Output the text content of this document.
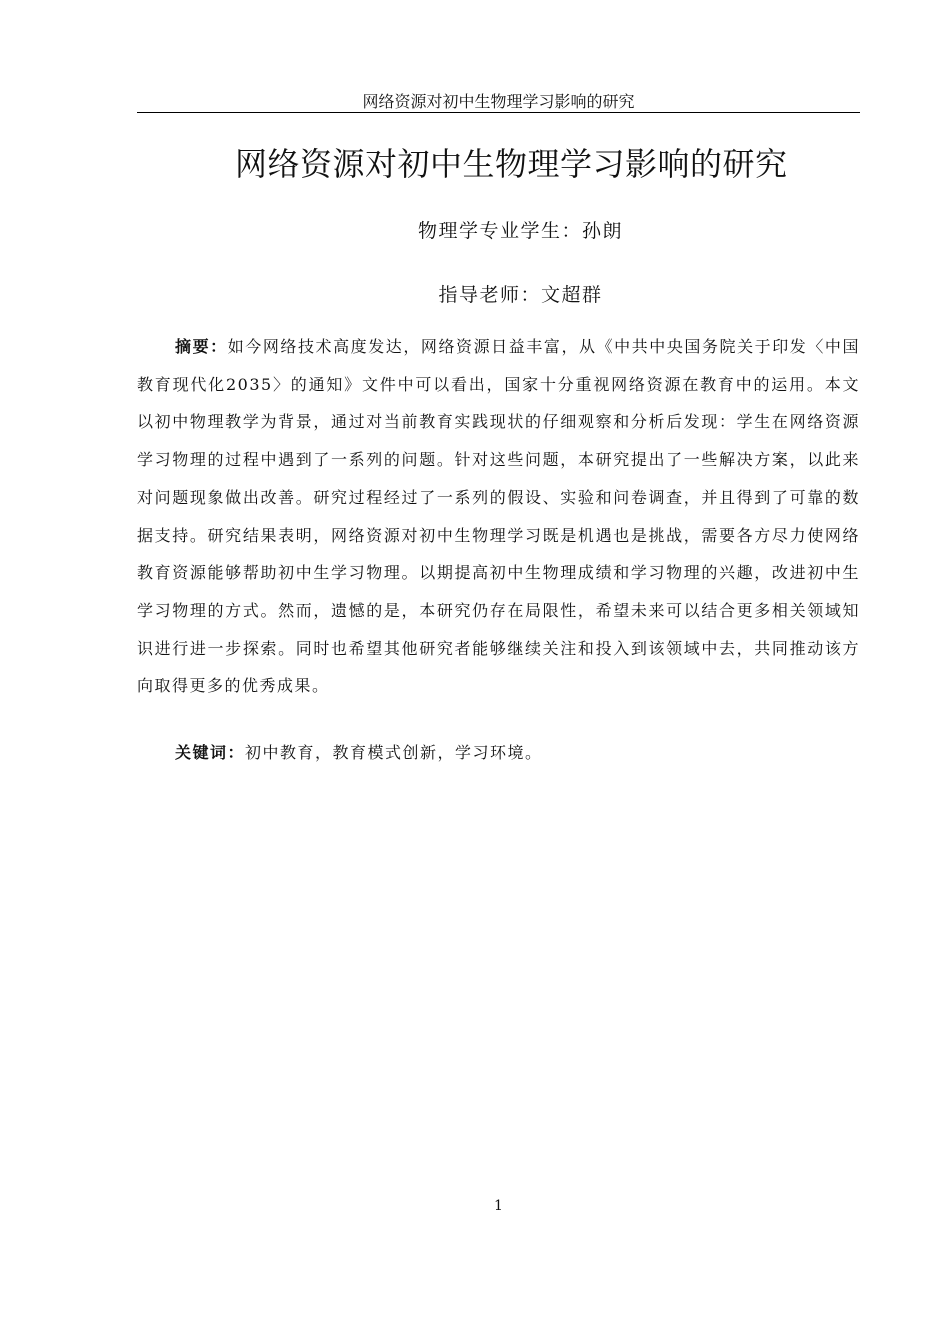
网络资源对初中生物理学习影响的研究
网络资源对初中生物理学习影响的研究
物理学专业学生：孙朗
指导老师：文超群

摘要：如今网络技术高度发达，网络资源日益丰富，从《中共中央国务院关于印发〈中国教育现代化2035〉的通知》文件中可以看出，国家十分重视网络资源在教育中的运用。本文以初中物理教学为背景，通过对当前教育实践现状的仔细观察和分析后发现：学生在网络资源学习物理的过程中遇到了一系列的问题。针对这些问题，本研究提出了一些解决方案，以此来对问题现象做出改善。研究过程经过了一系列的假设、实验和问卷调查，并且得到了可靠的数据支持。研究结果表明，网络资源对初中生物理学习既是机遇也是挑战，需要各方尽力使网络教育资源能够帮助初中生学习物理。以期提高初中生物理成绩和学习物理的兴趣，改进初中生学习物理的方式。然而，遗憾的是，本研究仍存在局限性，希望未来可以结合更多相关领域知识进行进一步探索。同时也希望其他研究者能够继续关注和投入到该领域中去，共同推动该方向取得更多的优秀成果。

关键词：初中教育，教育模式创新，学习环境。

1
